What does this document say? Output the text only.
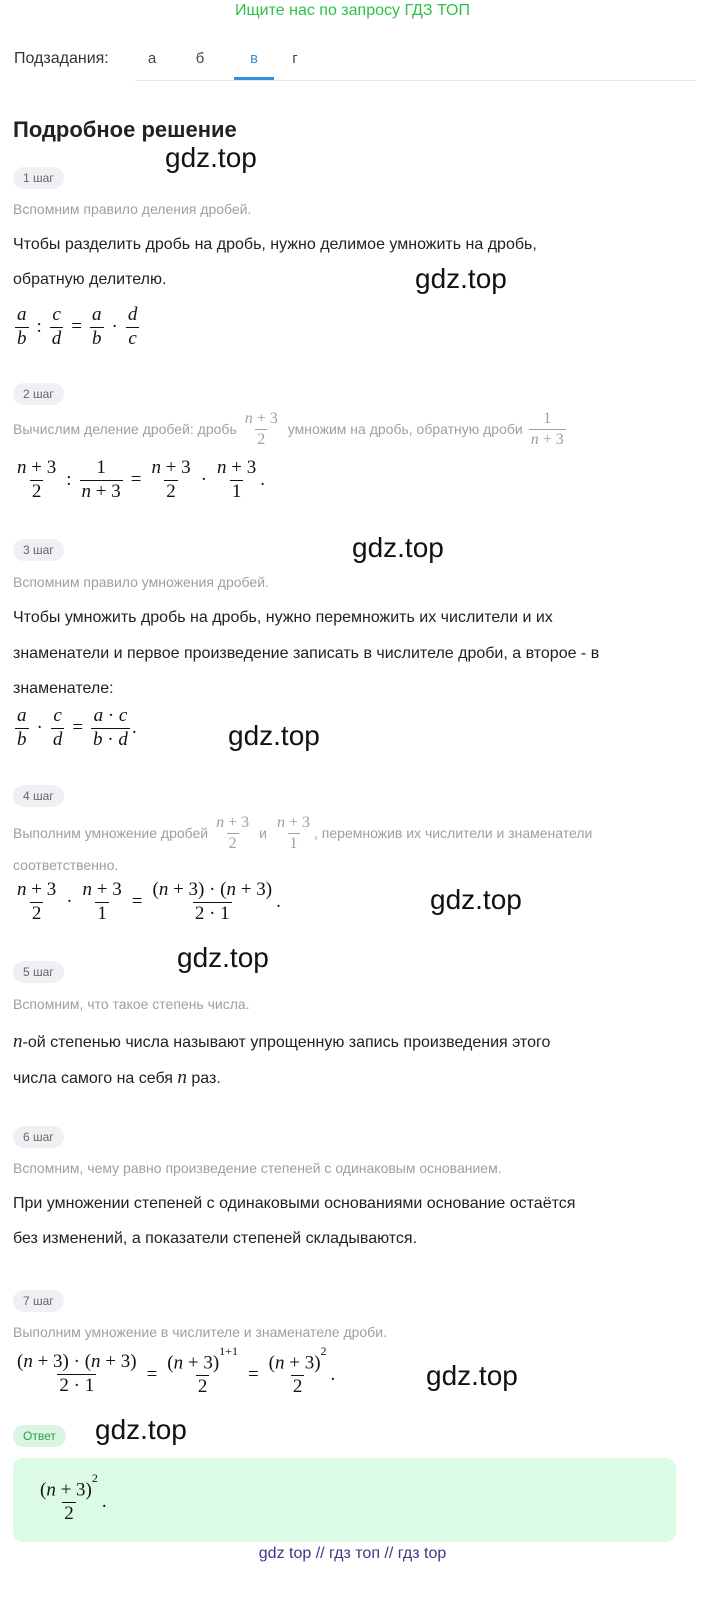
Ищите нас по запросу ГДЗ ТОП
Подзадания:	а	б	в	г
Подробное решение
gdz.top
gdz.top
gdz.top
gdz.top
gdz.top
gdz.top
gdz.top
gdz.top
1 шаг
Вспомним правило деления дробей.
Чтобы разделить дробь на дробь, нужно делимое умножить на дробь,
обратную делителю.
$\frac{a}{b}$ : $\frac{c}{d} = \frac{a}{b} \cdot \frac{d}{c}$
2 шаг
Вычислим деление дробей: дробь $\frac{n + 3}{2}$ умножим на дробь, обратную дроби $\frac{1}{n + 3}$
$\frac{n + 3}{2}$ : $\frac{1}{n + 3} = \frac{n + 3}{2} \cdot \frac{n + 3}{1}$ .
3 шаг
Вспомним правило умножения дробей.
Чтобы умножить дробь на дробь, нужно перемножить их числители и их
знаменатели и первое произведение записать в числителе дроби, а второе - в
знаменателе:
$\frac{a}{b} \cdot \frac{c}{d} = \frac{a \cdot c}{b \cdot d}$ .
4 шаг
Выполним умножение дробей $\frac{n + 3}{2}$ и $\frac{n + 3}{1}$ , перемножив их числители и знаменатели
соответственно.
$\frac{n + 3}{2} \cdot \frac{n + 3}{1} = \frac{(n + 3) \cdot (n + 3)}{2 \cdot 1}$ .
5 шаг
Вспомним, что такое степень числа.
n-ой степенью числа называют упрощенную запись произведения этого
числа самого на себя n раз.
6 шаг
Вспомним, чему равно произведение степеней с одинаковым основанием.
При умножении степеней с одинаковыми основаниями основание остаётся
без изменений, а показатели степеней складываются.
7 шаг
Выполним умножение в числителе и знаменателе дроби.
$\frac{(n + 3) \cdot (n + 3)}{2 \cdot 1} = \frac{(n + 3)^{1+1}}{2} = \frac{(n + 3)^2}{2}$ .
Ответ
$\frac{(n + 3)^2}{2}$ .
gdz top // гдз топ // гдз top
